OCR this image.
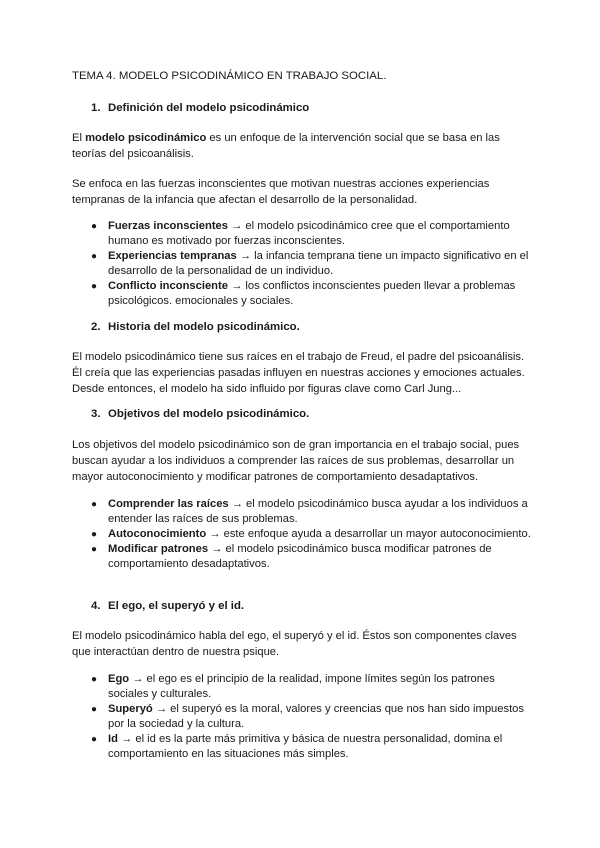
TEMA 4. MODELO PSICODINÁMICO EN TRABAJO SOCIAL.
1. Definición del modelo psicodinámico
El modelo psicodinámico es un enfoque de la intervención social que se basa en las teorías del psicoanálisis.
Se enfoca en las fuerzas inconscientes que motivan nuestras acciones experiencias tempranas de la infancia que afectan el desarrollo de la personalidad.
● Fuerzas inconscientes → el modelo psicodinámico cree que el comportamiento humano es motivado por fuerzas inconscientes.
● Experiencias tempranas → la infancia temprana tiene un impacto significativo en el desarrollo de la personalidad de un individuo.
● Conflicto inconsciente → los conflictos inconscientes pueden llevar a problemas psicológicos. emocionales y sociales.
2. Historia del modelo psicodinámico.
El modelo psicodinámico tiene sus raíces en el trabajo de Freud, el padre del psicoanálisis. Él creía que las experiencias pasadas influyen en nuestras acciones y emociones actuales. Desde entonces, el modelo ha sido influido por figuras clave como Carl Jung...
3. Objetivos del modelo psicodinámico.
Los objetivos del modelo psicodinámico son de gran importancia en el trabajo social, pues buscan ayudar a los individuos a comprender las raíces de sus problemas, desarrollar un mayor autoconocimiento y modificar patrones de comportamiento desadaptativos.
● Comprender las raíces → el modelo psicodinámico busca ayudar a los individuos a entender las raíces de sus problemas.
● Autoconocimiento → este enfoque ayuda a desarrollar un mayor autoconocimiento.
● Modificar patrones → el modelo psicodinámico busca modificar patrones de comportamiento desadaptativos.
4. El ego, el superyó y el id.
El modelo psicodinámico habla del ego, el superyó y el id. Éstos son componentes claves que interactúan dentro de nuestra psique.
● Ego → el ego es el principio de la realidad, impone límites según los patrones sociales y culturales.
● Superyó → el superyó es la moral, valores y creencias que nos han sido impuestos por la sociedad y la cultura.
● Id → el id es la parte más primitiva y básica de nuestra personalidad, domina el comportamiento en las situaciones más simples.
